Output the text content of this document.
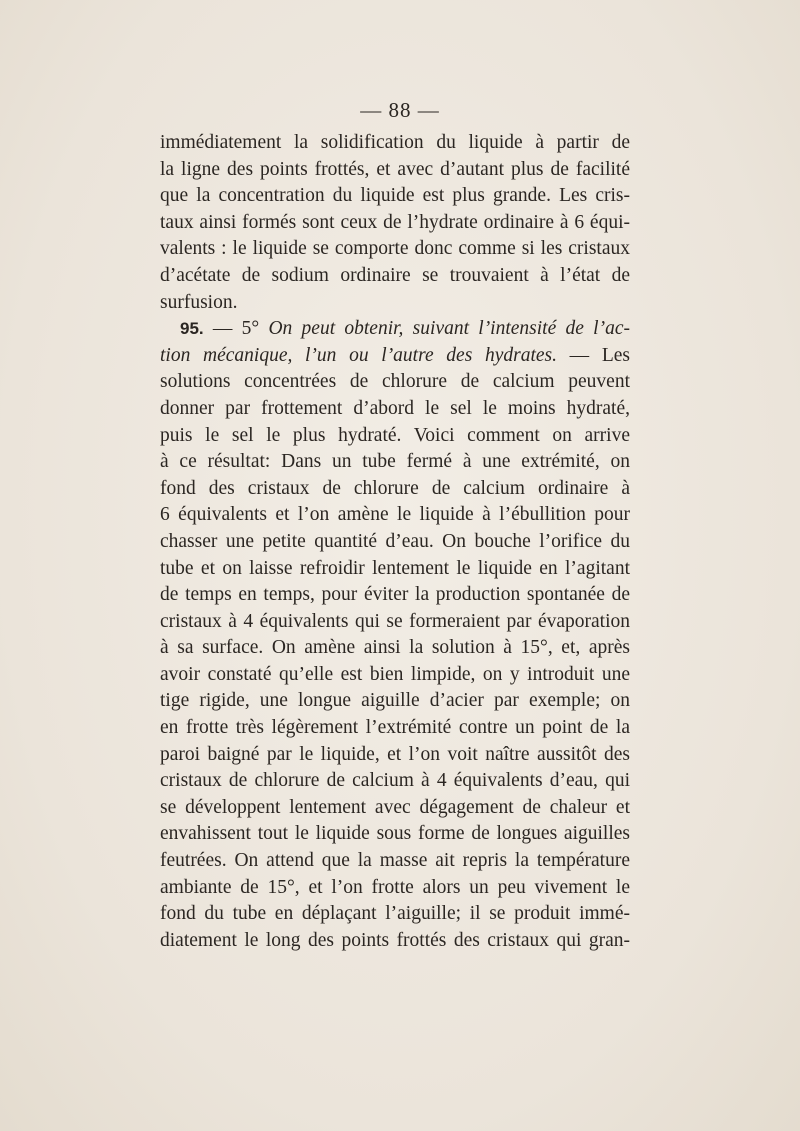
— 88 —
immédiatement la solidification du liquide à partir de
la ligne des points frottés, et avec d’autant plus de facilité
que la concentration du liquide est plus grande. Les cris-
taux ainsi formés sont ceux de l’hydrate ordinaire à 6 équi-
valents : le liquide se comporte donc comme si les cristaux
d’acétate de sodium ordinaire se trouvaient à l’état de
surfusion.
95. — 5° On peut obtenir, suivant l’intensité de l’ac-
tion mécanique, l’un ou l’autre des hydrates. — Les
solutions concentrées de chlorure de calcium peuvent
donner par frottement d’abord le sel le moins hydraté,
puis le sel le plus hydraté. Voici comment on arrive
à ce résultat: Dans un tube fermé à une extrémité, on
fond des cristaux de chlorure de calcium ordinaire à
6 équivalents et l’on amène le liquide à l’ébullition pour
chasser une petite quantité d’eau. On bouche l’orifice du
tube et on laisse refroidir lentement le liquide en l’agitant
de temps en temps, pour éviter la production spontanée de
cristaux à 4 équivalents qui se formeraient par évaporation
à sa surface. On amène ainsi la solution à 15°, et, après
avoir constaté qu’elle est bien limpide, on y introduit une
tige rigide, une longue aiguille d’acier par exemple; on
en frotte très légèrement l’extrémité contre un point de la
paroi baigné par le liquide, et l’on voit naître aussitôt des
cristaux de chlorure de calcium à 4 équivalents d’eau, qui
se développent lentement avec dégagement de chaleur et
envahissent tout le liquide sous forme de longues aiguilles
feutrées. On attend que la masse ait repris la température
ambiante de 15°, et l’on frotte alors un peu vivement le
fond du tube en déplaçant l’aiguille; il se produit immé-
diatement le long des points frottés des cristaux qui gran-
